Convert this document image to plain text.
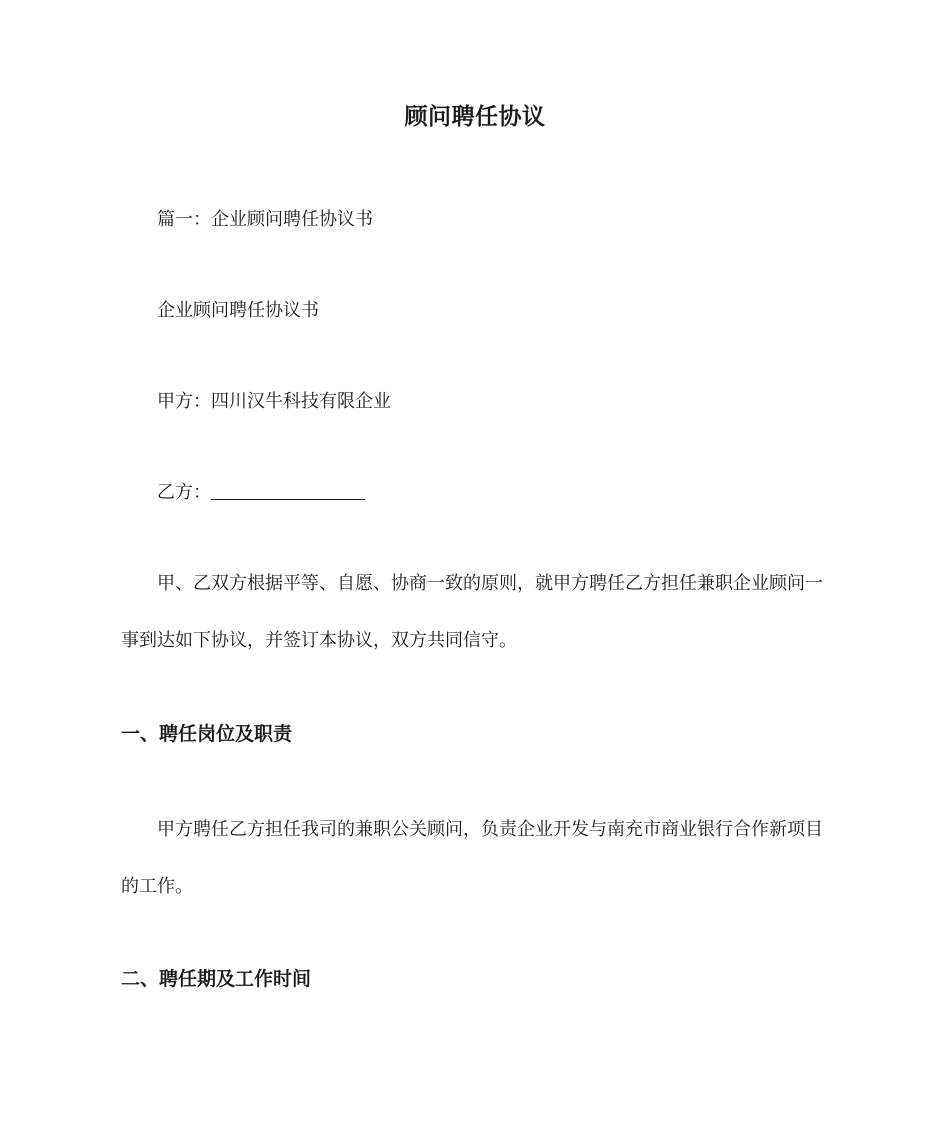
顾问聘任协议
篇一：企业顾问聘任协议书
企业顾问聘任协议书
甲方：四川汉牛科技有限企业
乙方：
甲、乙双方根据平等、自愿、协商一致的原则，就甲方聘任乙方担任兼职企业顾问一
事到达如下协议，并签订本协议，双方共同信守。
一、聘任岗位及职责
甲方聘任乙方担任我司的兼职公关顾问，负责企业开发与南充市商业银行合作新项目
的工作。
二、聘任期及工作时间
